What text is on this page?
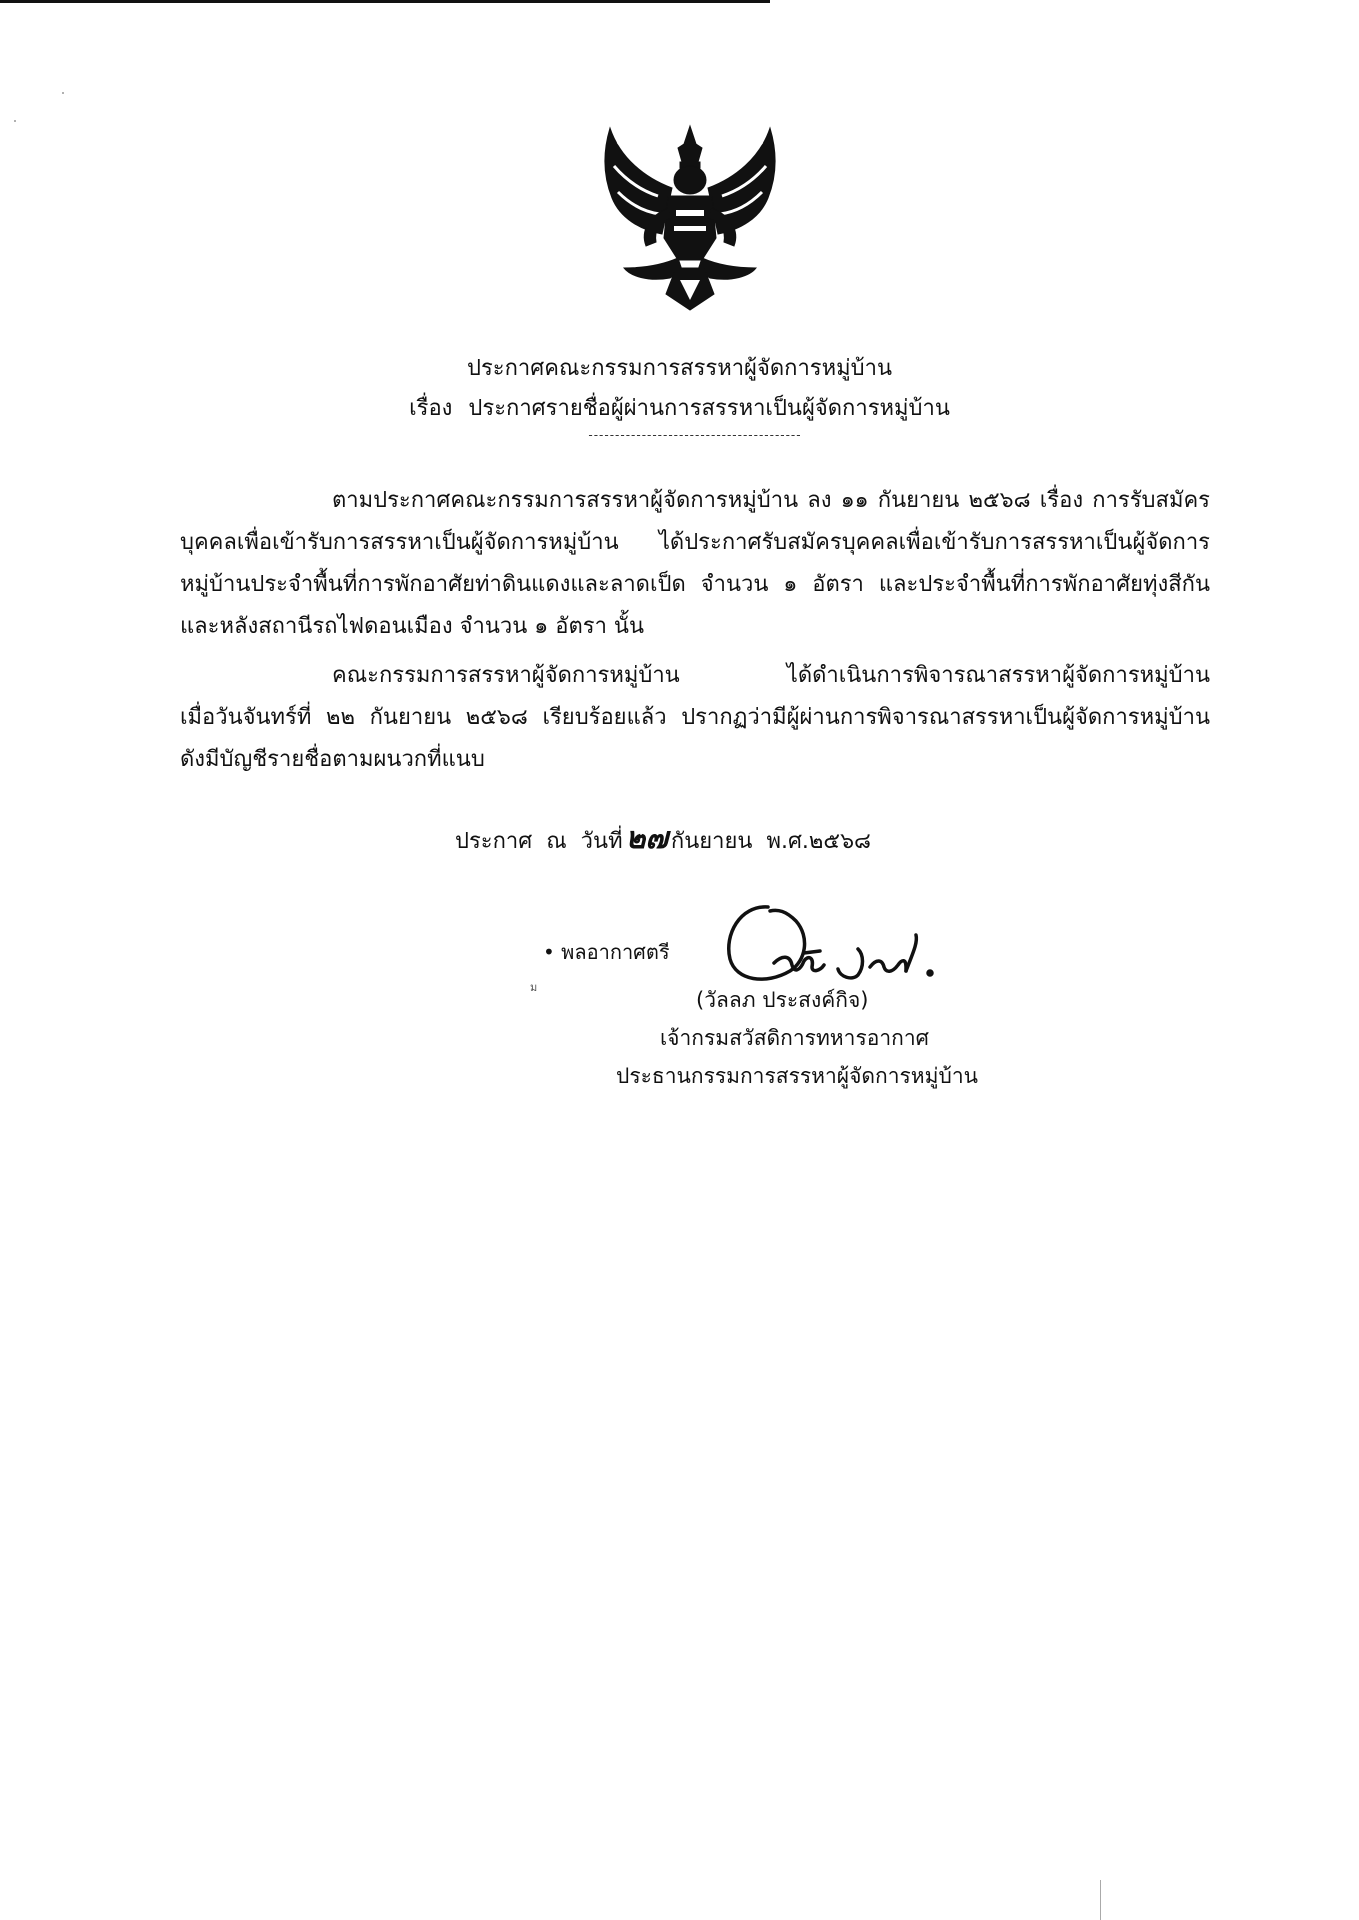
ประกาศคณะกรรมการสรรหาผู้จัดการหมู่บ้าน
เรื่อง ประกาศรายชื่อผู้ผ่านการสรรหาเป็นผู้จัดการหมู่บ้าน
----------------------------------------
ตามประกาศคณะกรรมการสรรหาผู้จัดการหมู่บ้าน ลง ๑๑ กันยายน ๒๕๖๘ เรื่อง การรับสมัคร
บุคคลเพื่อเข้ารับการสรรหาเป็นผู้จัดการหมู่บ้าน ได้ประกาศรับสมัครบุคคลเพื่อเข้ารับการสรรหาเป็นผู้จัดการ
หมู่บ้านประจำพื้นที่การพักอาศัยท่าดินแดงและลาดเป็ด จำนวน ๑ อัตรา และประจำพื้นที่การพักอาศัยทุ่งสีกัน
และหลังสถานีรถไฟดอนเมือง จำนวน ๑ อัตรา นั้น
คณะกรรมการสรรหาผู้จัดการหมู่บ้าน ได้ดำเนินการพิจารณาสรรหาผู้จัดการหมู่บ้าน
เมื่อวันจันทร์ที่ ๒๒ กันยายน ๒๕๖๘ เรียบร้อยแล้ว ปรากฏว่ามีผู้ผ่านการพิจารณาสรรหาเป็นผู้จัดการหมู่บ้าน
ดังมีบัญชีรายชื่อตามผนวกที่แนบ
ประกาศ ณ วันที่ ๒๗ กันยายน พ.ศ.๒๕๖๘
• พลอากาศตรี
ม
(วัลลภ ประสงค์กิจ)
เจ้ากรมสวัสดิการทหารอากาศ
ประธานกรรมการสรรหาผู้จัดการหมู่บ้าน
